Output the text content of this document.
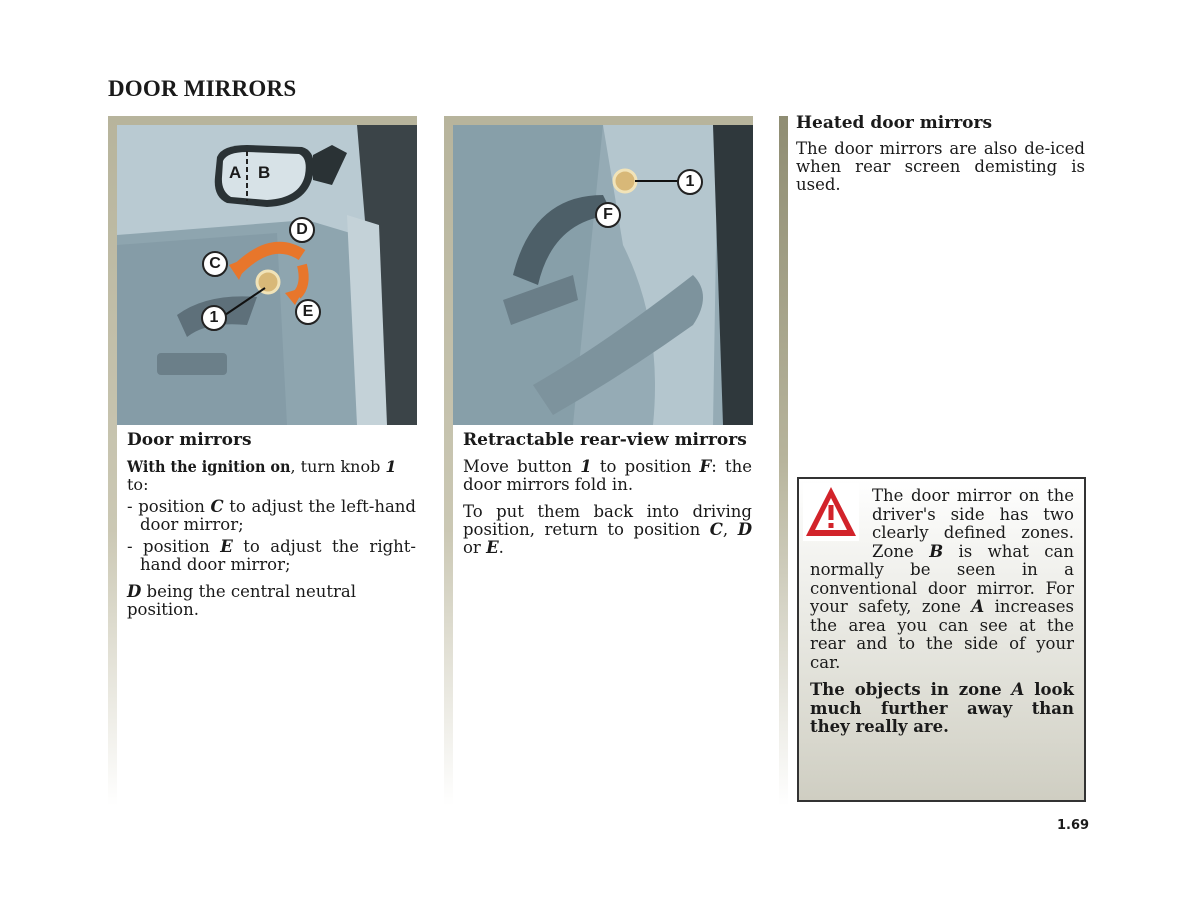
DOOR MIRRORS
A B
D
C
E
1
1
F
Door mirrors

With the ignition on, turn knob 1 to:

- position C to adjust the left-hand door mirror;

- position E to adjust the right-hand door mirror;

D being the central neutral position.

Retractable rear-view mirrors

Move button 1 to position F: the door mirrors fold in.

To put them back into driving position, return to position C, D or E.

Heated door mirrors
The door mirrors are also de-iced when rear screen demisting is used.

The door mirror on the driver's side has two clearly defined zones. Zone B is what can normally be seen in a conventional door mirror. For your safety, zone A increases the area you can see at the rear and to the side of your car.

The objects in zone A look much further away than they really are.

1.69
